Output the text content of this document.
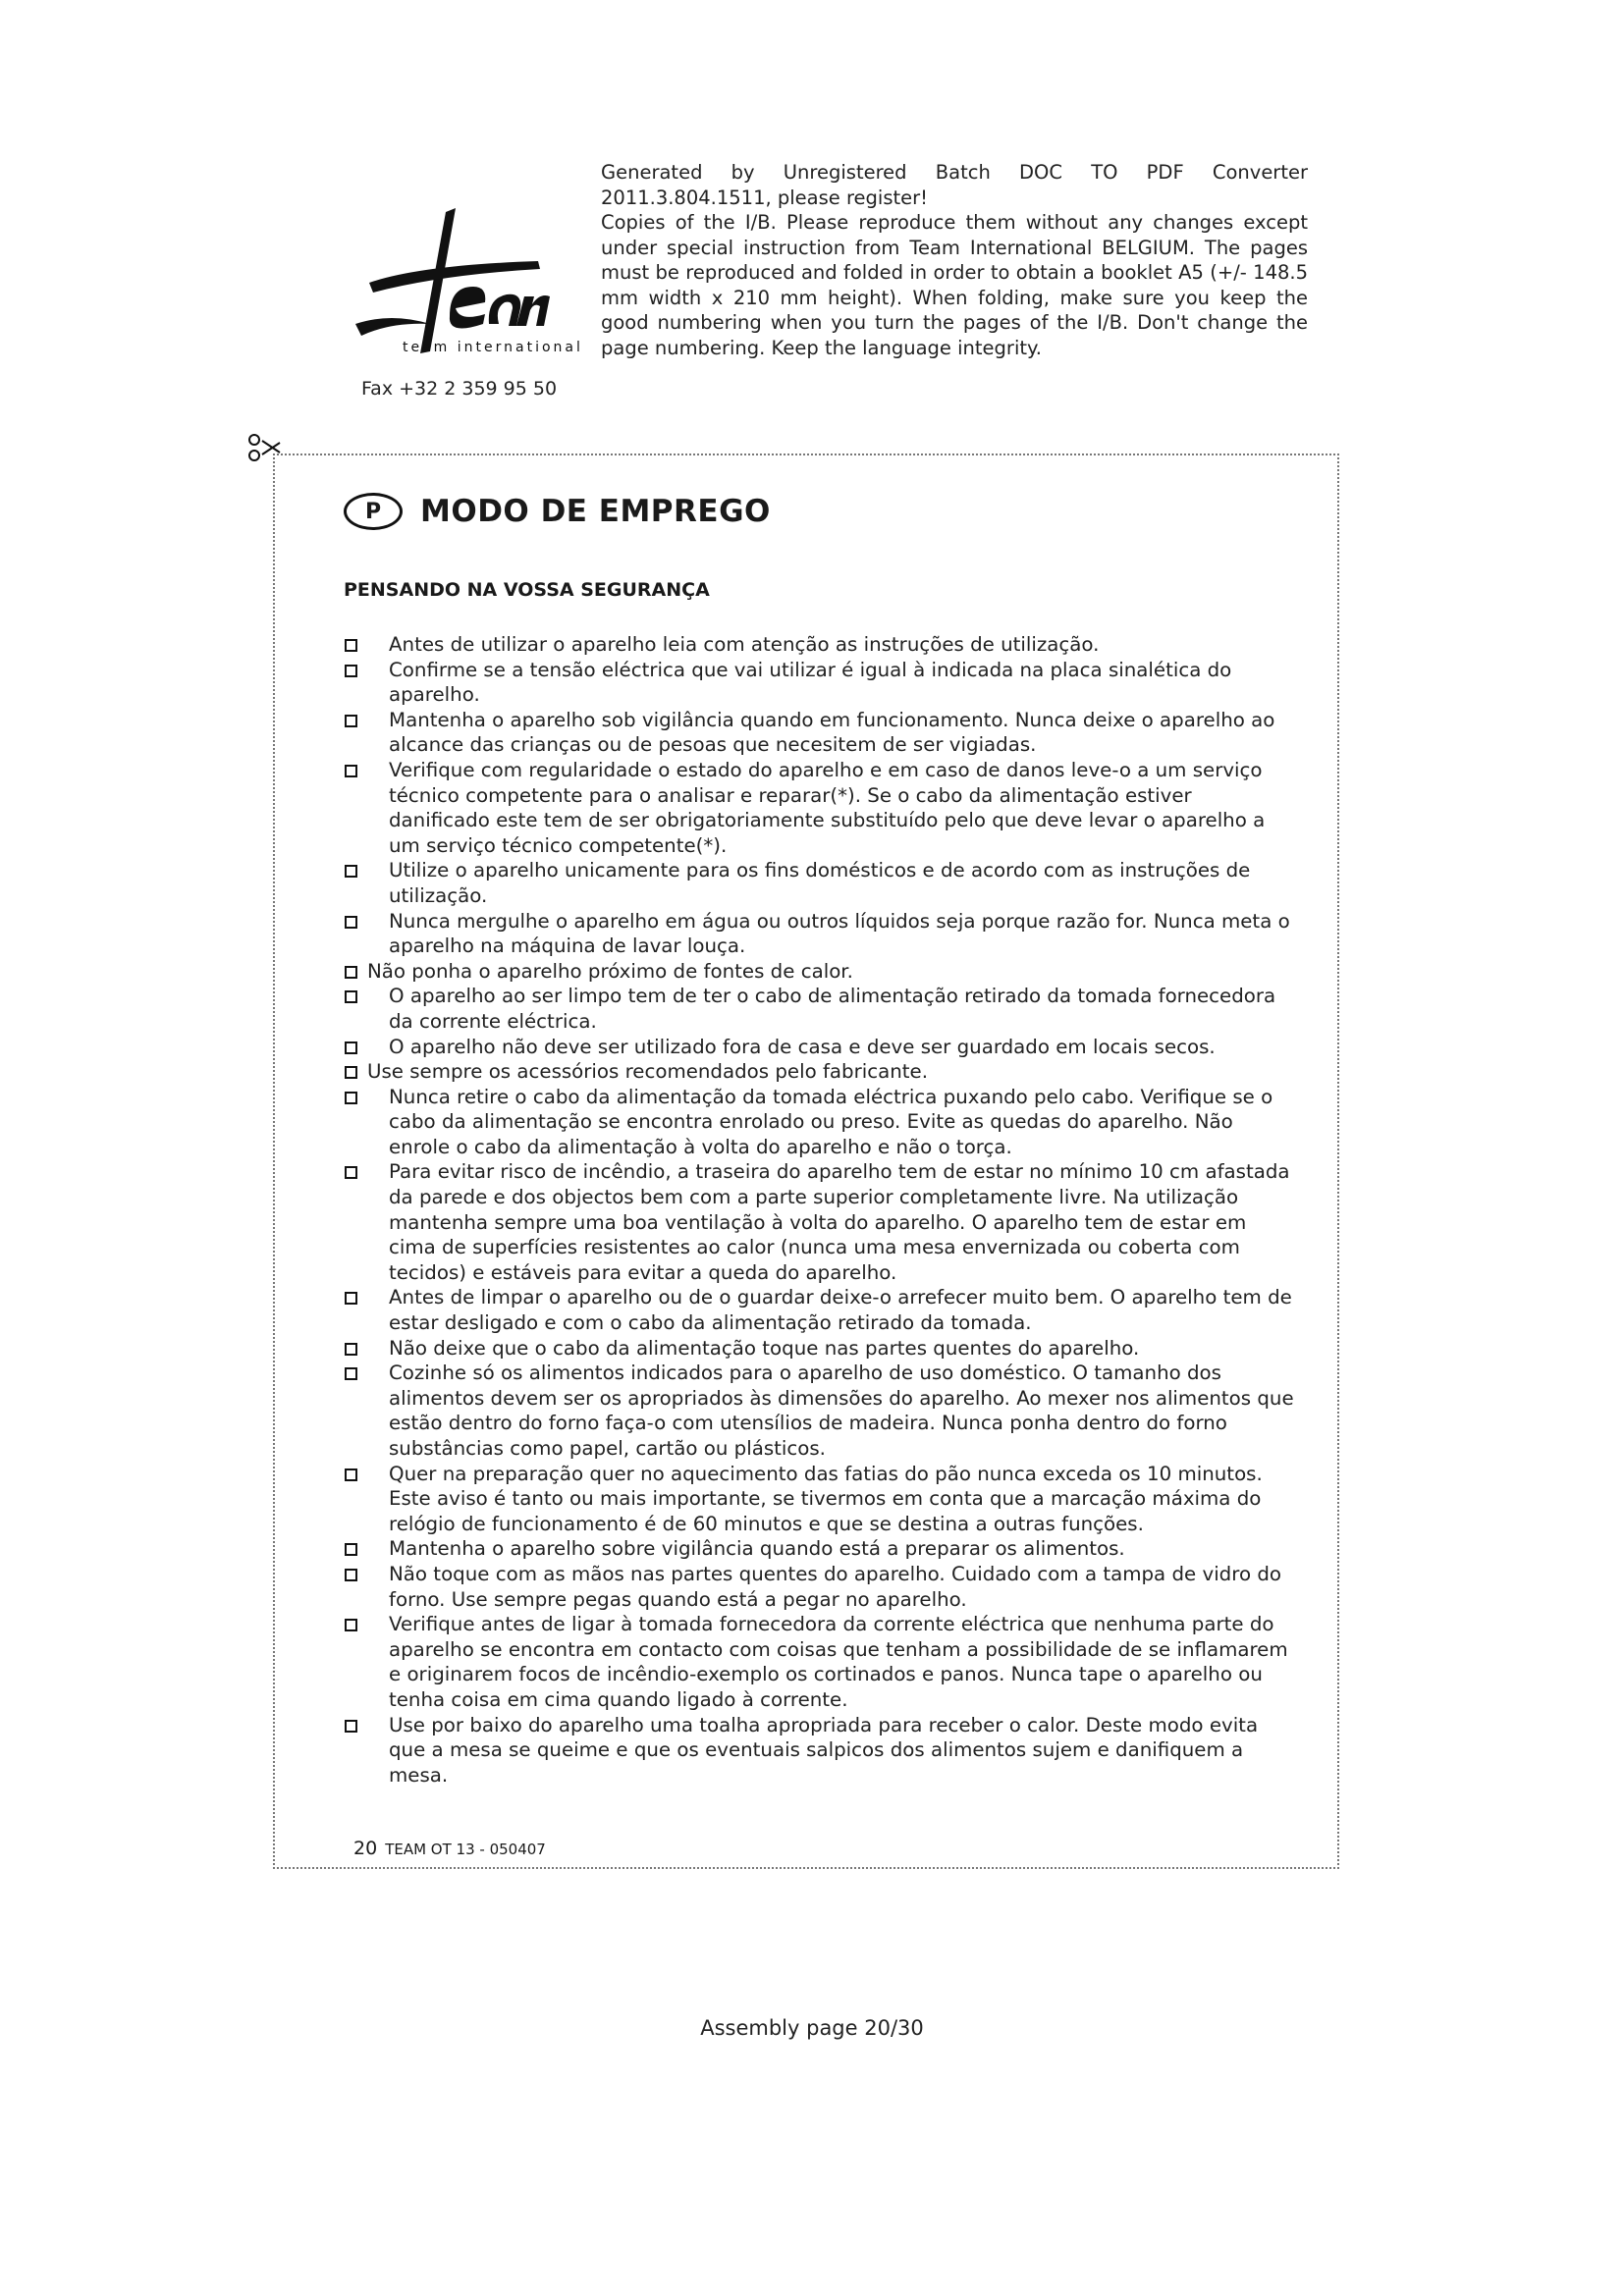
team international
Fax +32 2 359 95 50

Generated by Unregistered Batch DOC TO PDF Converter 2011.3.804.1511, please register!

Copies of the I/B. Please reproduce them without any changes except under special instruction from Team International BELGIUM. The pages must be reproduced and folded in order to obtain a booklet A5 (+/- 148.5 mm width x 210 mm height). When folding, make sure you keep the good numbering when you turn the pages of the I/B. Don't change the page numbering. Keep the language integrity.

P	MODO DE EMPREGO
PENSANDO NA VOSSA SEGURANÇA
Antes de utilizar o aparelho leia com atenção as instruções de utilização.
Confirme se a tensão eléctrica que vai utilizar é igual à indicada na placa sinalética do aparelho.
Mantenha o aparelho sob vigilância quando em funcionamento. Nunca deixe o aparelho ao alcance das crianças ou de pesoas que necesitem de ser vigiadas.
Verifique com regularidade o estado do aparelho e em caso de danos leve-o a um serviço técnico competente para o analisar e reparar(*). Se o cabo da alimentação estiver danificado este tem de ser obrigatoriamente substituído pelo que deve levar o aparelho a um serviço técnico competente(*).
Utilize o aparelho unicamente para os fins domésticos e de acordo com as instruções de utilização.
Nunca mergulhe o aparelho em água ou outros líquidos seja porque razão for. Nunca meta o aparelho na máquina de lavar louça.
Não ponha o aparelho próximo de fontes de calor.
O aparelho ao ser limpo tem de ter o cabo de alimentação retirado da tomada fornecedora da corrente eléctrica.
O aparelho não deve ser utilizado fora de casa e deve ser guardado em locais secos.
Use sempre os acessórios recomendados pelo fabricante.
Nunca retire o cabo da alimentação da tomada eléctrica puxando pelo cabo. Verifique se o cabo da alimentação se encontra enrolado ou preso. Evite as quedas do aparelho. Não enrole o cabo da alimentação à volta do aparelho e não o torça.
Para evitar risco de incêndio, a traseira do aparelho tem de estar no mínimo 10 cm afastada da parede e dos objectos bem com a parte superior completamente livre. Na utilização mantenha sempre uma boa ventilação à volta do aparelho. O aparelho tem de estar em cima de superfícies resistentes ao calor (nunca uma mesa envernizada ou coberta com tecidos) e estáveis para evitar a queda do aparelho.
Antes de limpar o aparelho ou de o guardar deixe-o arrefecer muito bem. O aparelho tem de estar desligado e com o cabo da alimentação retirado da tomada.
Não deixe que o cabo da alimentação toque nas partes quentes do aparelho.
Cozinhe só os alimentos indicados para o aparelho de uso doméstico. O tamanho dos alimentos devem ser os apropriados às dimensões do aparelho. Ao mexer nos alimentos que estão dentro do forno faça-o com utensílios de madeira. Nunca ponha dentro do forno substâncias como papel, cartão ou plásticos.
Quer na preparação quer no aquecimento das fatias do pão nunca exceda os 10 minutos. Este aviso é tanto ou mais importante, se tivermos em conta que a marcação máxima do relógio de funcionamento é de 60 minutos e que se destina a outras funções.
Mantenha o aparelho sobre vigilância quando está a preparar os alimentos.
Não toque com as mãos nas partes quentes do aparelho. Cuidado com a tampa de vidro do forno. Use sempre pegas quando está a pegar no aparelho.
Verifique antes de ligar à tomada fornecedora da corrente eléctrica que nenhuma parte do aparelho se encontra em contacto com coisas que tenham a possibilidade de se inflamarem e originarem focos de incêndio-exemplo os cortinados e panos. Nunca tape o aparelho ou tenha coisa em cima quando ligado à corrente.
Use por baixo do aparelho uma toalha apropriada para receber o calor. Deste modo evita que a mesa se queime e que os eventuais salpicos dos alimentos sujem e danifiquem a mesa.
20 TEAM OT 13 - 050407
Assembly page 20/30
